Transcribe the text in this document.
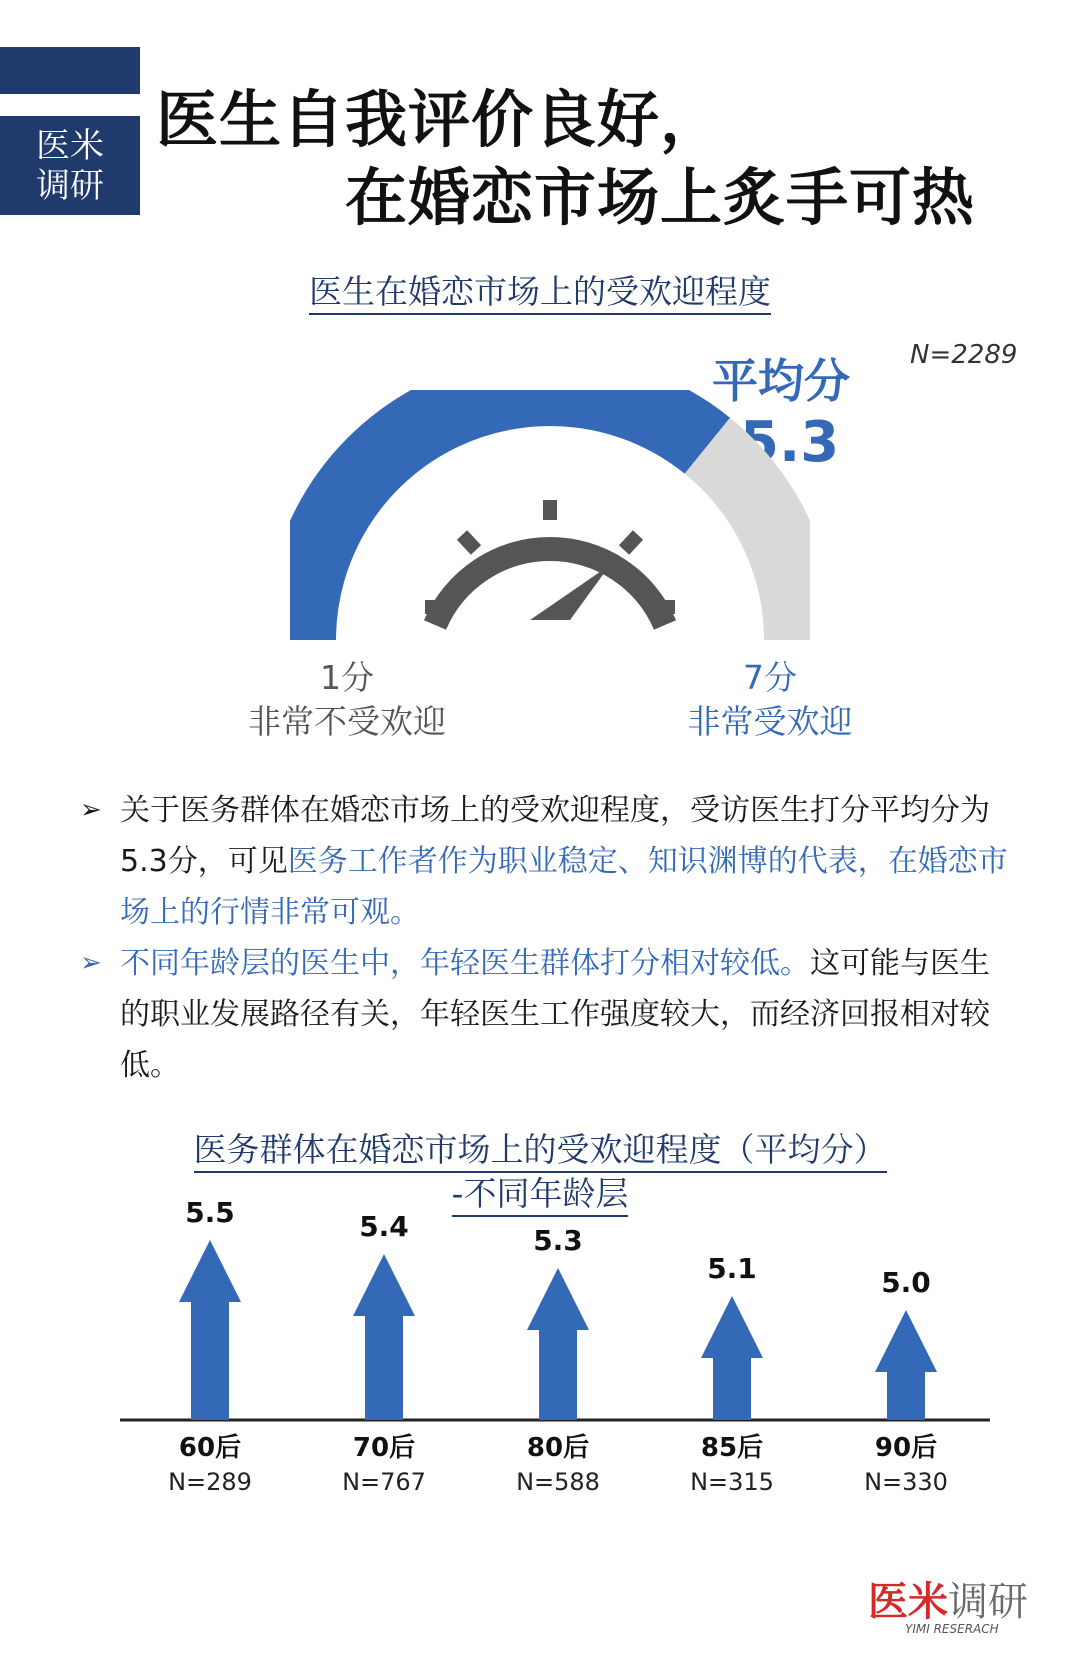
医米
调研
医生自我评价良好，
在婚恋市场上炙手可热
医生在婚恋市场上的受欢迎程度
平均分 N=2289
5.3
1分
非常不受欢迎
7分
非常受欢迎
➢ 关于医务群体在婚恋市场上的受欢迎程度，受访医生打分平均分为5.3分，可见医务工作者作为职业稳定、知识渊博的代表，在婚恋市场上的行情非常可观。
➢ 不同年龄层的医生中，年轻医生群体打分相对较低。这可能与医生的职业发展路径有关，年轻医生工作强度较大，而经济回报相对较低。
医务群体在婚恋市场上的受欢迎程度（平均分）
-不同年龄层
5.5
60后
N=289
5.4
70后
N=767
5.3
80后
N=588
5.1
85后
N=315
5.0
90后
N=330
医米调研
YIMI RESERACH
